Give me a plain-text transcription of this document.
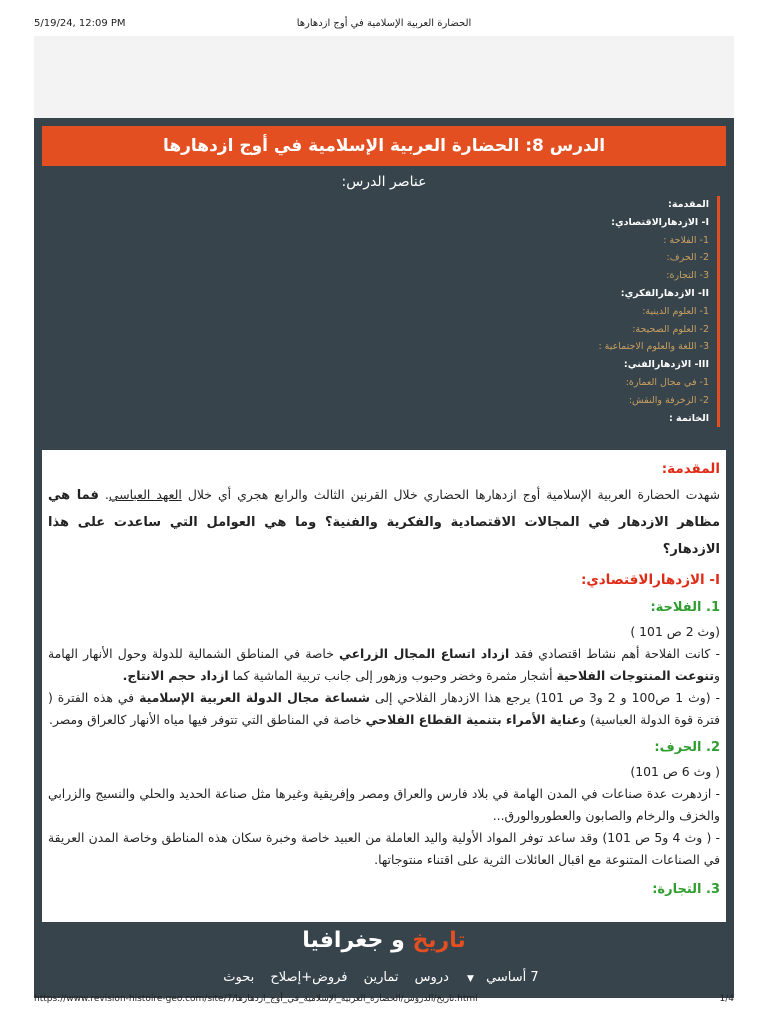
5/19/24, 12:09 PM	الحضارة العربية الإسلامية في أوج ازدهارها
الدرس 8: الحضارة العربية الإسلامية في أوج ازدهارها
عناصر الدرس:
المقدمة:
I- الازدهارالاقتصادي:
1- الفلاحة :
2- الحرف:
3- التجارة:
II- الازدهارالفكري:
1- العلوم الدينية:
2- العلوم الصحيحة:
3- اللغة والعلوم الاجتماعية :
III- الازدهارالفني:
1- في مجال العمارة:
2- الزخرفة والنقش:
الخاتمة :
المقدمة:

شهدت الحضارة العربية الإسلامية أوج ازدهارها الحضاري خلال القرنين الثالث والرابع هجري أي خلال العهد العباسي. فما هي مظاهر الازدهار في المجالات الاقتصادية والفكرية والفنية؟ وما هي العوامل التي ساعدت على هذا الازدهار؟

I- الازدهارالاقتصادي:
1. الفلاحة:

(وث 2 ص 101 )

- كانت الفلاحة أهم نشاط اقتصادي فقد ازداد اتساع المجال الزراعي خاصة في المناطق الشمالية للدولة وحول الأنهار الهامة وتنوعت المنتوجات الفلاحية أشجار مثمرة وخضر وحبوب وزهور إلى جانب تربية الماشية كما ازداد حجم الانتاج.

- (وث 1 ص100 و 2 و3 ص 101) يرجع هذا الازدهار الفلاحي إلى شساعة مجال الدولة العربية الإسلامية في هذه الفترة ( فترة قوة الدولة العباسية) وعناية الأمراء بتنمية القطاع الفلاحي خاصة في المناطق التي تتوفر فيها مياه الأنهار كالعراق ومصر.

2. الحرف:

( وث 6 ص 101)

- ازدهرت عدة صناعات في المدن الهامة في بلاد فارس والعراق ومصر وإفريقية وغيرها مثل صناعة الحديد والحلي والنسيج والزرابي والخزف والرخام والصابون والعطوروالورق...

- ( وث 4 و5 ص 101) وقد ساعد توفر المواد الأولية واليد العاملة من العبيد خاصة وخبرة سكان هذه المناطق وخاصة المدن العريقة في الصناعات المتنوعة مع اقبال العائلات الثرية على اقتناء منتوجاتها.

3. التجارة:
تاريخ و جغرافيا
7 أساسي ▼ دروس تمارين فروض+إصلاح بحوث
https://www.revision-histoire-geo.com/site/7/تاريخ/الدروس/الحضارة_العربية_الإسلامية_في_أوج_ازدهارها.html	1/4
